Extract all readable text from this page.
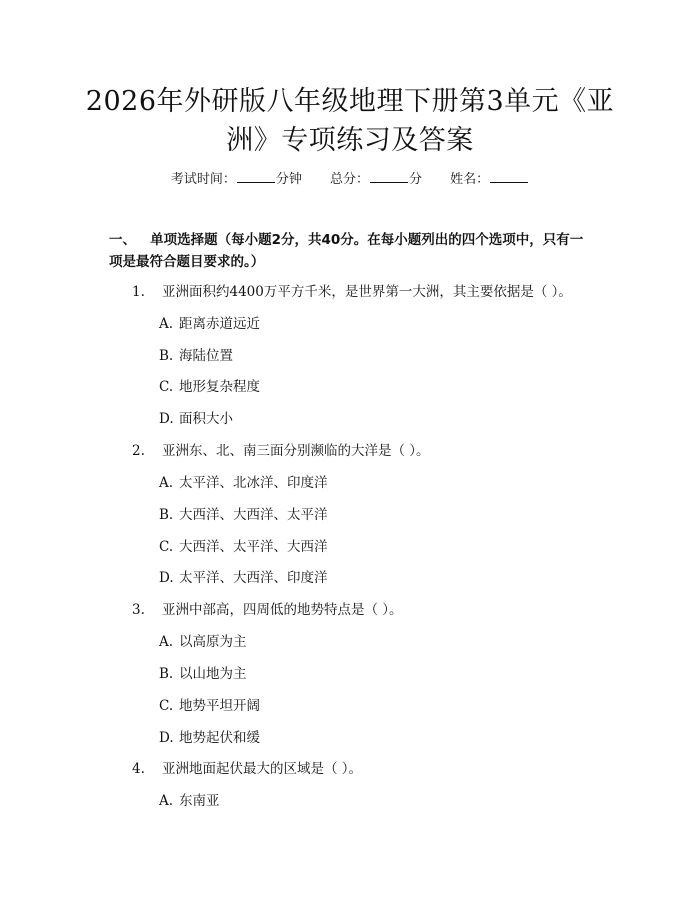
2026年外研版八年级地理下册第3单元《亚
洲》专项练习及答案
考试时间：	分钟 总分：	分 姓名：
一、 单项选择题（每小题2分，共40分。在每小题列出的四个选项中，只有一项是最符合题目要求的。）
1. 亚洲面积约4400万平方千米，是世界第一大洲，其主要依据是（ ）。
A. 距离赤道远近
B. 海陆位置
C. 地形复杂程度
D. 面积大小
2. 亚洲东、北、南三面分别濒临的大洋是（ ）。
A. 太平洋、北冰洋、印度洋
B. 大西洋、大西洋、太平洋
C. 大西洋、太平洋、大西洋
D. 太平洋、大西洋、印度洋
3. 亚洲中部高，四周低的地势特点是（ ）。
A. 以高原为主
B. 以山地为主
C. 地势平坦开阔
D. 地势起伏和缓
4. 亚洲地面起伏最大的区域是（ ）。
A. 东南亚
